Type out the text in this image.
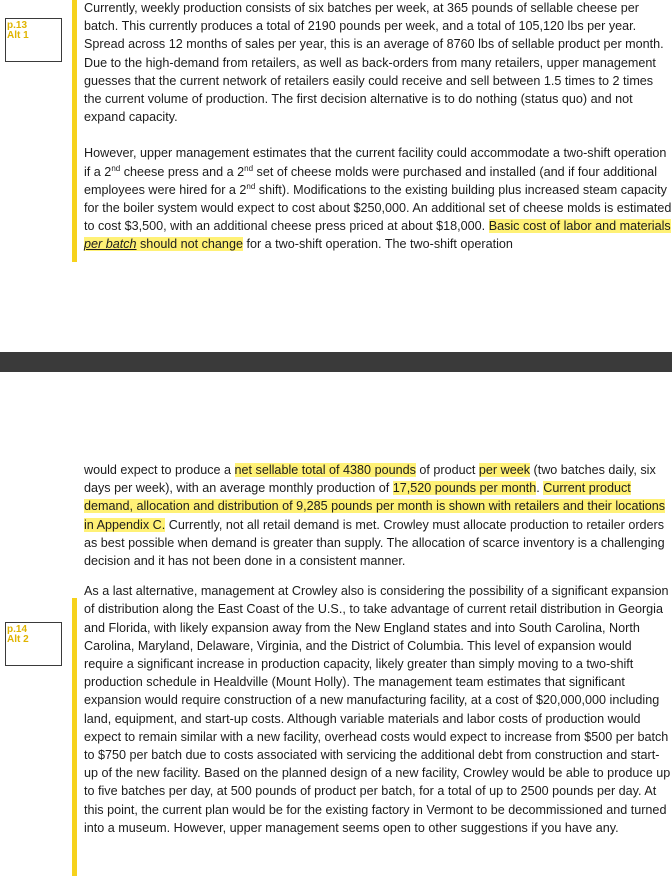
p.13
Alt 1

Currently, weekly production consists of six batches per week, at 365 pounds of sellable cheese per batch. This currently produces a total of 2190 pounds per week, and a total of 105,120 lbs per year. Spread across 12 months of sales per year, this is an average of 8760 lbs of sellable product per month. Due to the high-demand from retailers, as well as back-orders from many retailers, upper management guesses that the current network of retailers easily could receive and sell between 1.5 times to 2 times the current volume of production. The first decision alternative is to do nothing (status quo) and not expand capacity.

However, upper management estimates that the current facility could accommodate a two-shift operation if a 2nd cheese press and a 2nd set of cheese molds were purchased and installed (and if four additional employees were hired for a 2nd shift). Modifications to the existing building plus increased steam capacity for the boiler system would expect to cost about $250,000. An additional set of cheese molds is estimated to cost $3,500, with an additional cheese press priced at about $18,000. Basic cost of labor and materials per batch should not change for a two-shift operation. The two-shift operation

p.14
Alt 2

would expect to produce a net sellable total of 4380 pounds of product per week (two batches daily, six days per week), with an average monthly production of 17,520 pounds per month. Current product demand, allocation and distribution of 9,285 pounds per month is shown with retailers and their locations in Appendix C. Currently, not all retail demand is met. Crowley must allocate production to retailer orders as best possible when demand is greater than supply. The allocation of scarce inventory is a challenging decision and it has not been done in a consistent manner.

As a last alternative, management at Crowley also is considering the possibility of a significant expansion of distribution along the East Coast of the U.S., to take advantage of current retail distribution in Georgia and Florida, with likely expansion away from the New England states and into South Carolina, North Carolina, Maryland, Delaware, Virginia, and the District of Columbia. This level of expansion would require a significant increase in production capacity, likely greater than simply moving to a two-shift production schedule in Healdville (Mount Holly). The management team estimates that significant expansion would require construction of a new manufacturing facility, at a cost of $20,000,000 including land, equipment, and start-up costs. Although variable materials and labor costs of production would expect to remain similar with a new facility, overhead costs would expect to increase from $500 per batch to $750 per batch due to costs associated with servicing the additional debt from construction and start-up of the new facility. Based on the planned design of a new facility, Crowley would be able to produce up to five batches per day, at 500 pounds of product per batch, for a total of up to 2500 pounds per day. At this point, the current plan would be for the existing factory in Vermont to be decommissioned and turned into a museum. However, upper management seems open to other suggestions if you have any.
